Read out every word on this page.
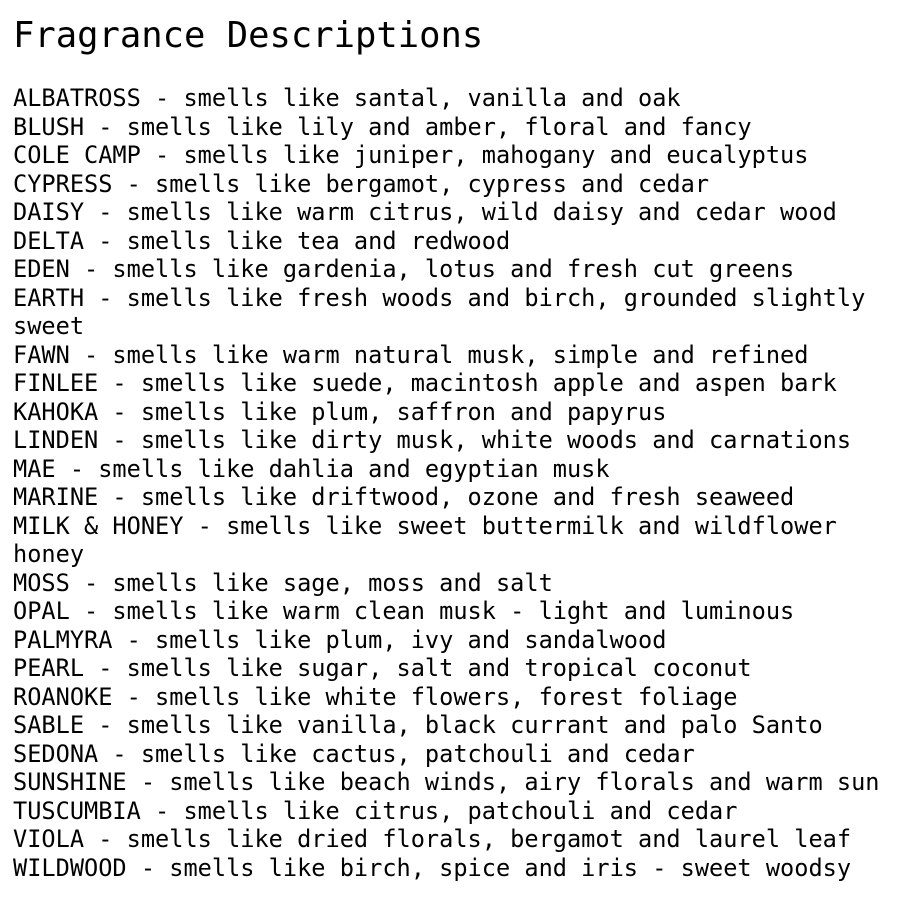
Fragrance Descriptions
ALBATROSS - smells like santal, vanilla and oak
BLUSH - smells like lily and amber, floral and fancy
COLE CAMP - smells like juniper, mahogany and eucalyptus
CYPRESS - smells like bergamot, cypress and cedar
DAISY - smells like warm citrus, wild daisy and cedar wood
DELTA - smells like tea and redwood
EDEN - smells like gardenia, lotus and fresh cut greens
EARTH - smells like fresh woods and birch, grounded slightly
sweet
FAWN - smells like warm natural musk, simple and refined
FINLEE - smells like suede, macintosh apple and aspen bark
KAHOKA - smells like plum, saffron and papyrus
LINDEN - smells like dirty musk, white woods and carnations
MAE - smells like dahlia and egyptian musk
MARINE - smells like driftwood, ozone and fresh seaweed
MILK & HONEY - smells like sweet buttermilk and wildflower
honey
MOSS - smells like sage, moss and salt
OPAL - smells like warm clean musk - light and luminous
PALMYRA - smells like plum, ivy and sandalwood
PEARL - smells like sugar, salt and tropical coconut
ROANOKE - smells like white flowers, forest foliage
SABLE - smells like vanilla, black currant and palo Santo
SEDONA - smells like cactus, patchouli and cedar
SUNSHINE - smells like beach winds, airy florals and warm sun
TUSCUMBIA - smells like citrus, patchouli and cedar
VIOLA - smells like dried florals, bergamot and laurel leaf
WILDWOOD - smells like birch, spice and iris - sweet woodsy
